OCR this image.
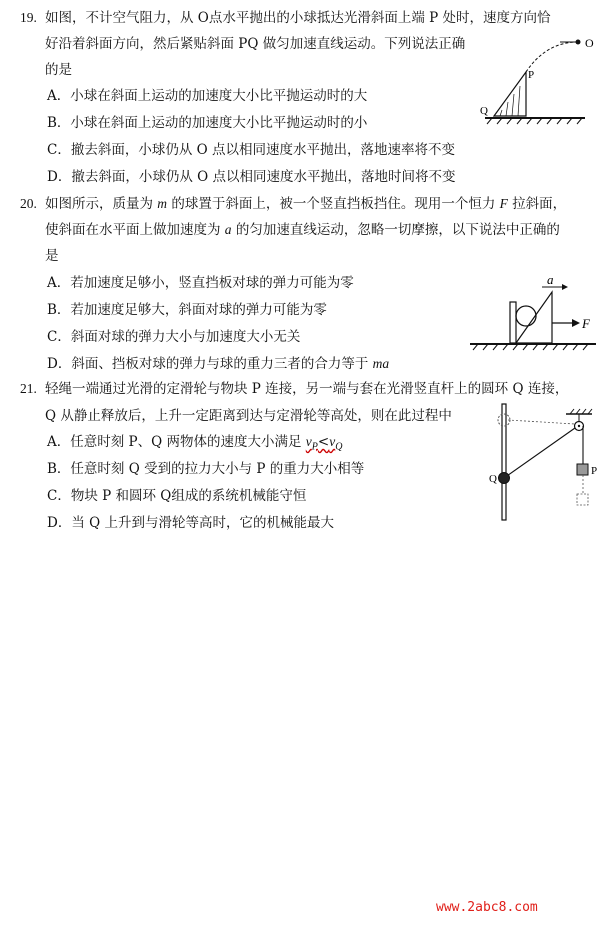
19. 如图，不计空气阻力，从 O点水平抛出的小球抵达光滑斜面上端 P 处时，速度方向恰
好沿着斜面方向，然后紧贴斜面 PQ 做匀加速直线运动。下列说法正确
的是
A．小球在斜面上运动的加速度大小比平抛运动时的大
B．小球在斜面上运动的加速度大小比平抛运动时的小
C．撤去斜面，小球仍从 O 点以相同速度水平抛出，落地速率将不变
D．撤去斜面，小球仍从 O 点以相同速度水平抛出，落地时间将不变
O
P
Q
20. 如图所示，质量为 m 的球置于斜面上，被一个竖直挡板挡住。现用一个恒力 F 拉斜面，
使斜面在水平面上做加速度为 a 的匀加速直线运动，忽略一切摩擦，以下说法中正确的
是
A．若加速度足够小，竖直挡板对球的弹力可能为零
B．若加速度足够大，斜面对球的弹力可能为零
C．斜面对球的弹力大小与加速度大小无关
D．斜面、挡板对球的弹力与球的重力三者的合力等于 ma
F
a
21. 轻绳一端通过光滑的定滑轮与物块 P 连接，另一端与套在光滑竖直杆上的圆环 Q 连接，
Q 从静止释放后，上升一定距离到达与定滑轮等高处，则在此过程中
A．任意时刻 P、Q 两物体的速度大小满足 $v_P<v_Q$
B．任意时刻 Q 受到的拉力大小与 P 的重力大小相等
C．物块 P 和圆环 Q组成的系统机械能守恒
D．当 Q 上升到与滑轮等高时，它的机械能最大
Q
P
www.2abc8.com
